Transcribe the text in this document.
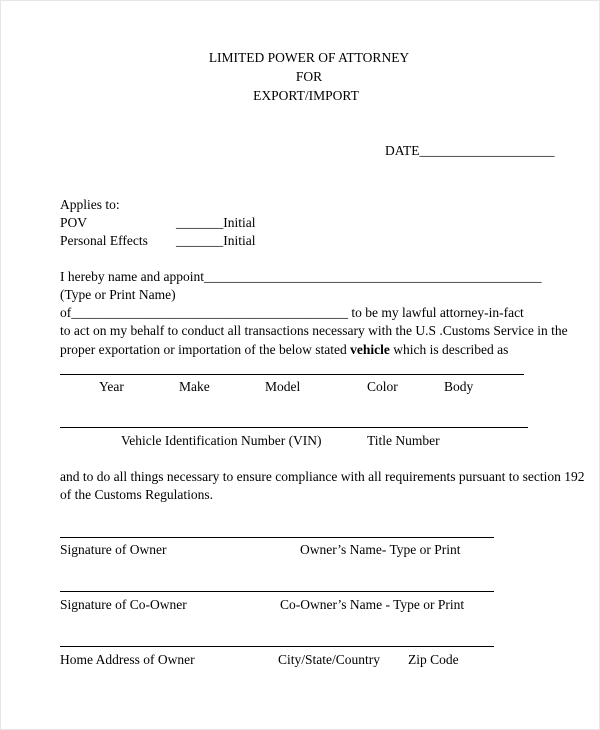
LIMITED POWER OF ATTORNEY
FOR
EXPORT/IMPORT
DATE____________________
Applies to:
POV	_______Initial
Personal Effects _______Initial
I hereby name and appoint__________________________________________________
(Type or Print Name)
of_________________________________________ to be my lawful attorney-in-fact
to act on my behalf to conduct all transactions necessary with the U.S .Customs Service in the
proper exportation or importation of the below stated vehicle which is described as
Year	Make	Model	Color	Body
Vehicle Identification Number (VIN)	Title Number
and to do all things necessary to ensure compliance with all requirements pursuant to section 192
of the Customs Regulations.
Signature of Owner	Owner’s Name- Type or Print
Signature of Co-Owner	Co-Owner’s Name - Type or Print
Home Address of Owner	City/State/Country Zip Code
